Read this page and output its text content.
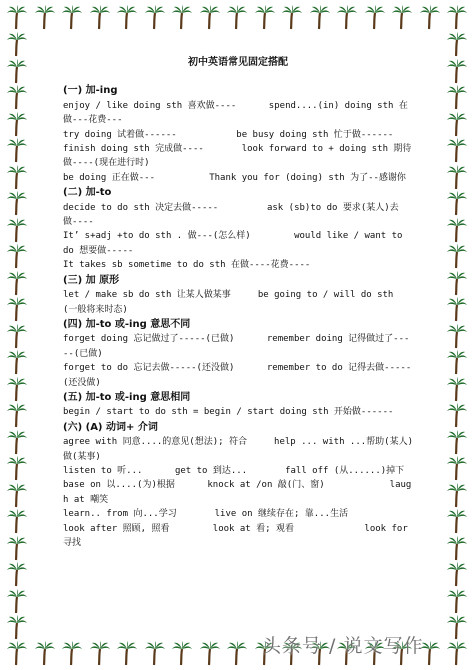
初中英语常见固定搭配
(一) 加-ing
enjoy / like doing sth 喜欢做----      spend....(in) doing sth 在做---花费---
try doing 试着做------           be busy doing sth 忙于做------
finish doing sth 完成做----       look forward to + doing sth 期待做----(现在进行时)
be doing 正在做---          Thank you for (doing) sth 为了--感谢你
(二) 加-to
decide to do sth 决定去做-----         ask (sb)to do 要求(某人)去做----
It’ s+adj +to do sth . 做---(怎么样)        would like / want to do 想要做-----
It takes sb sometime to do sth 在做----花费----
(三) 加 原形
let / make sb do sth 让某人做某事     be going to / will do sth (一般将来时态)
(四) 加-to 或-ing 意思不同
forget doing 忘记做过了-----(已做)      remember doing 记得做过了-----(已做)
forget to do 忘记去做-----(还没做)      remember to do 记得去做-----(还没做)
(五) 加-to 或-ing 意思相同
begin / start to do sth = begin / start doing sth 开始做------
(六) (A) 动词+ 介词
agree with 同意....的意见(想法); 符合     help ... with ...帮助(某人)做(某事)
listen to 听...      get to 到达...       fall off (从......)掉下
base on 以....(为)根据      knock at /on 敲(门、窗)            laugh at 嘲笑
learn.. from 向...学习       live on 继续存在; 靠...生活
look after 照顾, 照看        look at 看; 观看             look for 寻找
头条号 / 说文写作
